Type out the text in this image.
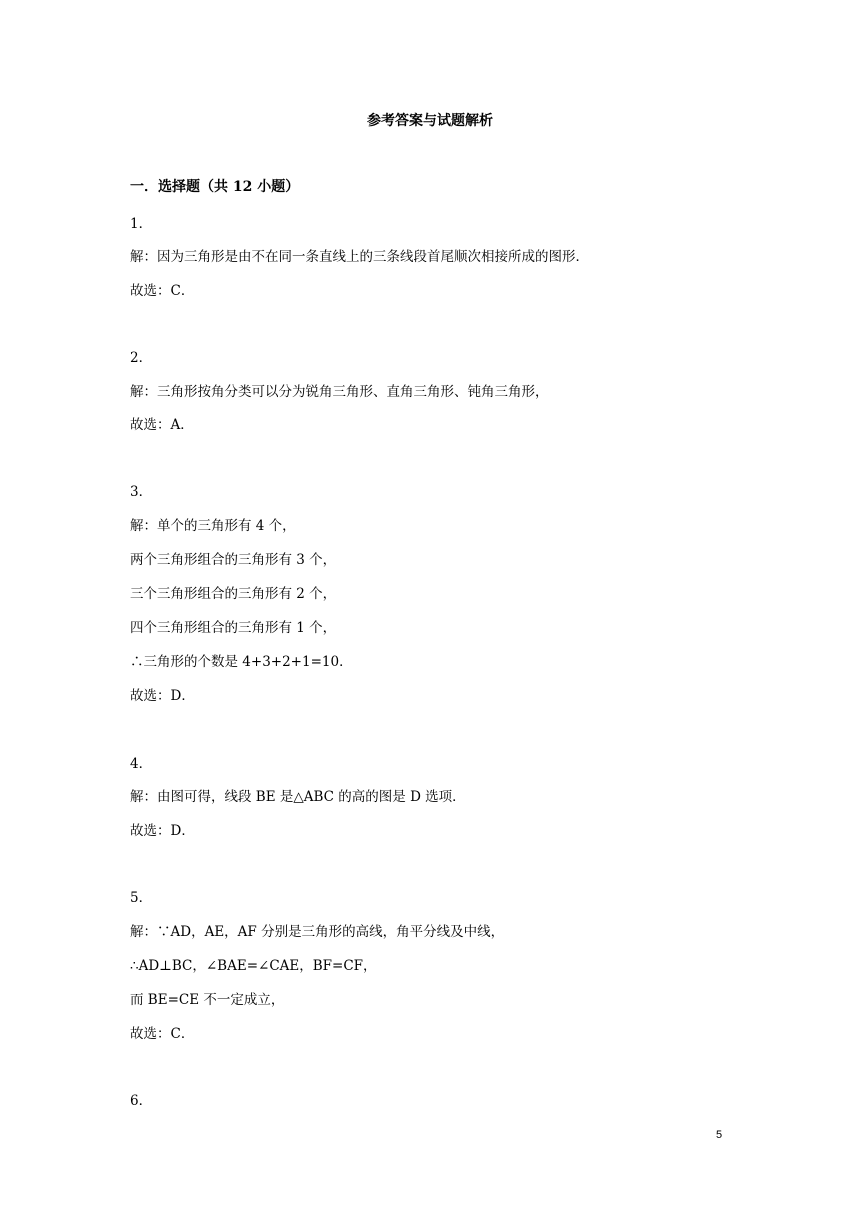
参考答案与试题解析
一．选择题（共 12 小题）
1．
解：因为三角形是由不在同一条直线上的三条线段首尾顺次相接所成的图形．
故选：C．
2．
解：三角形按角分类可以分为锐角三角形、直角三角形、钝角三角形，
故选：A．
3．
解：单个的三角形有 4 个，
两个三角形组合的三角形有 3 个，
三个三角形组合的三角形有 2 个，
四个三角形组合的三角形有 1 个，
∴三角形的个数是 4+3+2+1=10．
故选：D．
4．
解：由图可得，线段 BE 是△ABC 的高的图是 D 选项．
故选：D．
5．
解：∵AD，AE，AF 分别是三角形的高线，角平分线及中线，
∴AD⊥BC，∠BAE=∠CAE，BF=CF，
而 BE=CE 不一定成立，
故选：C．
6．
5
